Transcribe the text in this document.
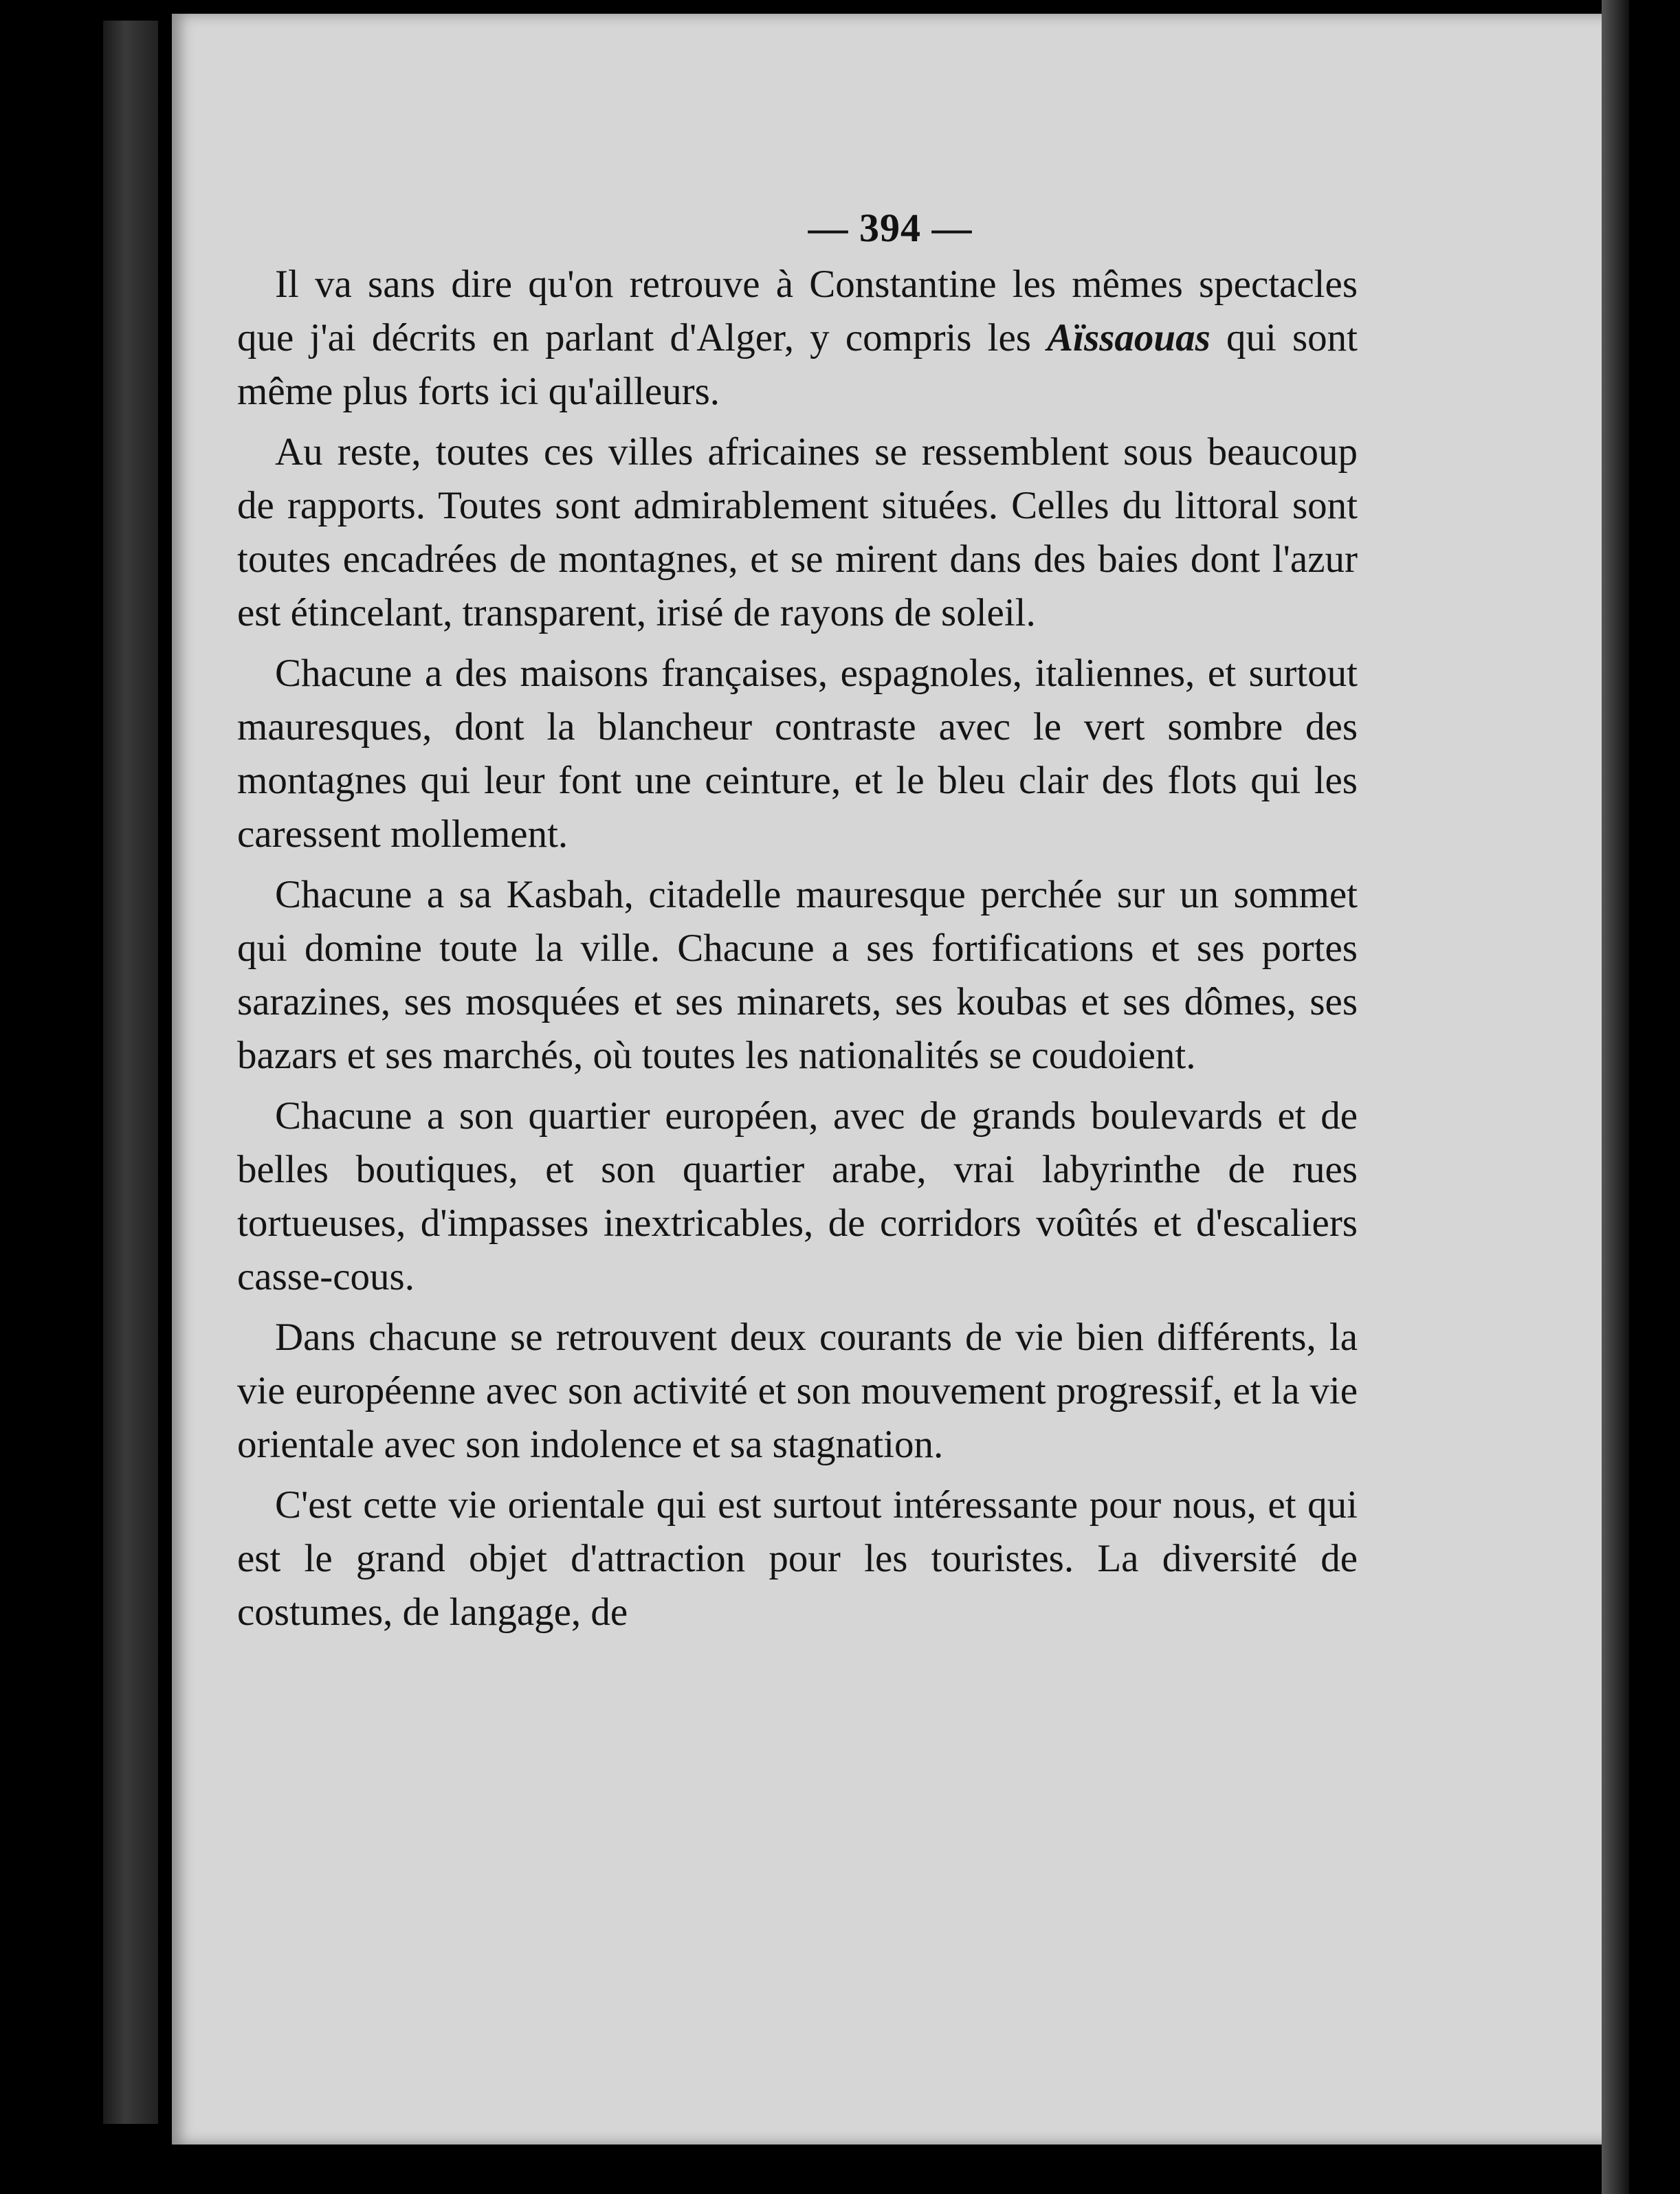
— 394 —

Il va sans dire qu'on retrouve à Constantine les mêmes spectacles que j'ai décrits en parlant d'Alger, y compris les Aïssaouas qui sont même plus forts ici qu'ailleurs.

Au reste, toutes ces villes africaines se ressemblent sous beaucoup de rapports. Toutes sont admirablement situées. Celles du littoral sont toutes encadrées de montagnes, et se mirent dans des baies dont l'azur est étincelant, transparent, irisé de rayons de soleil.

Chacune a des maisons françaises, espagnoles, italiennes, et surtout mauresques, dont la blancheur contraste avec le vert sombre des montagnes qui leur font une ceinture, et le bleu clair des flots qui les caressent mollement.

Chacune a sa Kasbah, citadelle mauresque perchée sur un sommet qui domine toute la ville. Chacune a ses fortifications et ses portes sarazines, ses mosquées et ses minarets, ses koubas et ses dômes, ses bazars et ses marchés, où toutes les nationalités se coudoient.

Chacune a son quartier européen, avec de grands boulevards et de belles boutiques, et son quartier arabe, vrai labyrinthe de rues tortueuses, d'impasses inextricables, de corridors voûtés et d'escaliers casse-cous.

Dans chacune se retrouvent deux courants de vie bien différents, la vie européenne avec son activité et son mouvement progressif, et la vie orientale avec son indolence et sa stagnation.

C'est cette vie orientale qui est surtout intéressante pour nous, et qui est le grand objet d'attraction pour les touristes. La diversité de costumes, de langage, de
